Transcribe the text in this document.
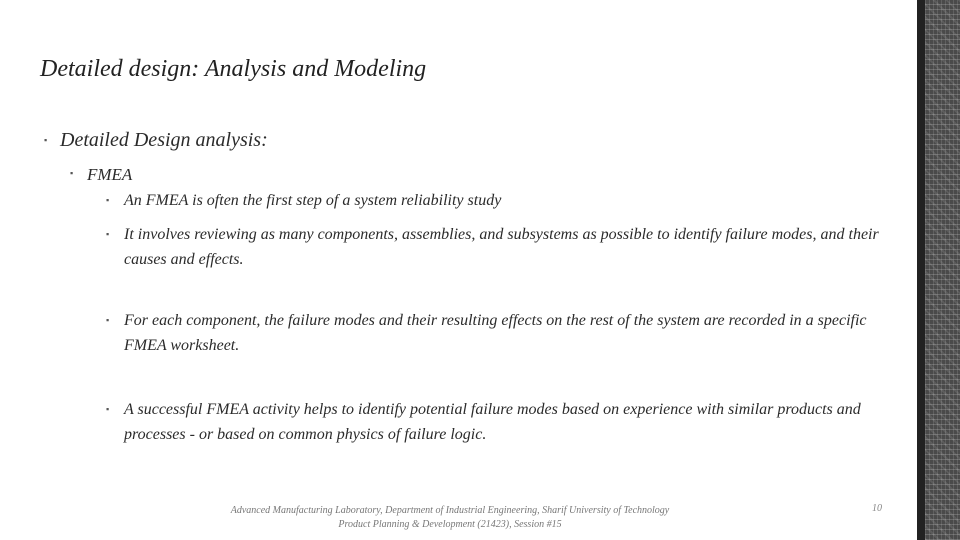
Detailed design: Analysis and Modeling
▪ Detailed Design analysis:
▪ FMEA
▪ An FMEA is often the first step of a system reliability study
▪ It involves reviewing as many components, assemblies, and subsystems as possible to identify failure modes, and their causes and effects.
▪ For each component, the failure modes and their resulting effects on the rest of the system are recorded in a specific FMEA worksheet.
▪ A successful FMEA activity helps to identify potential failure modes based on experience with similar products and processes - or based on common physics of failure logic.
Advanced Manufacturing Laboratory, Department of Industrial Engineering, Sharif University of Technology
Product Planning & Development (21423), Session #15
10
